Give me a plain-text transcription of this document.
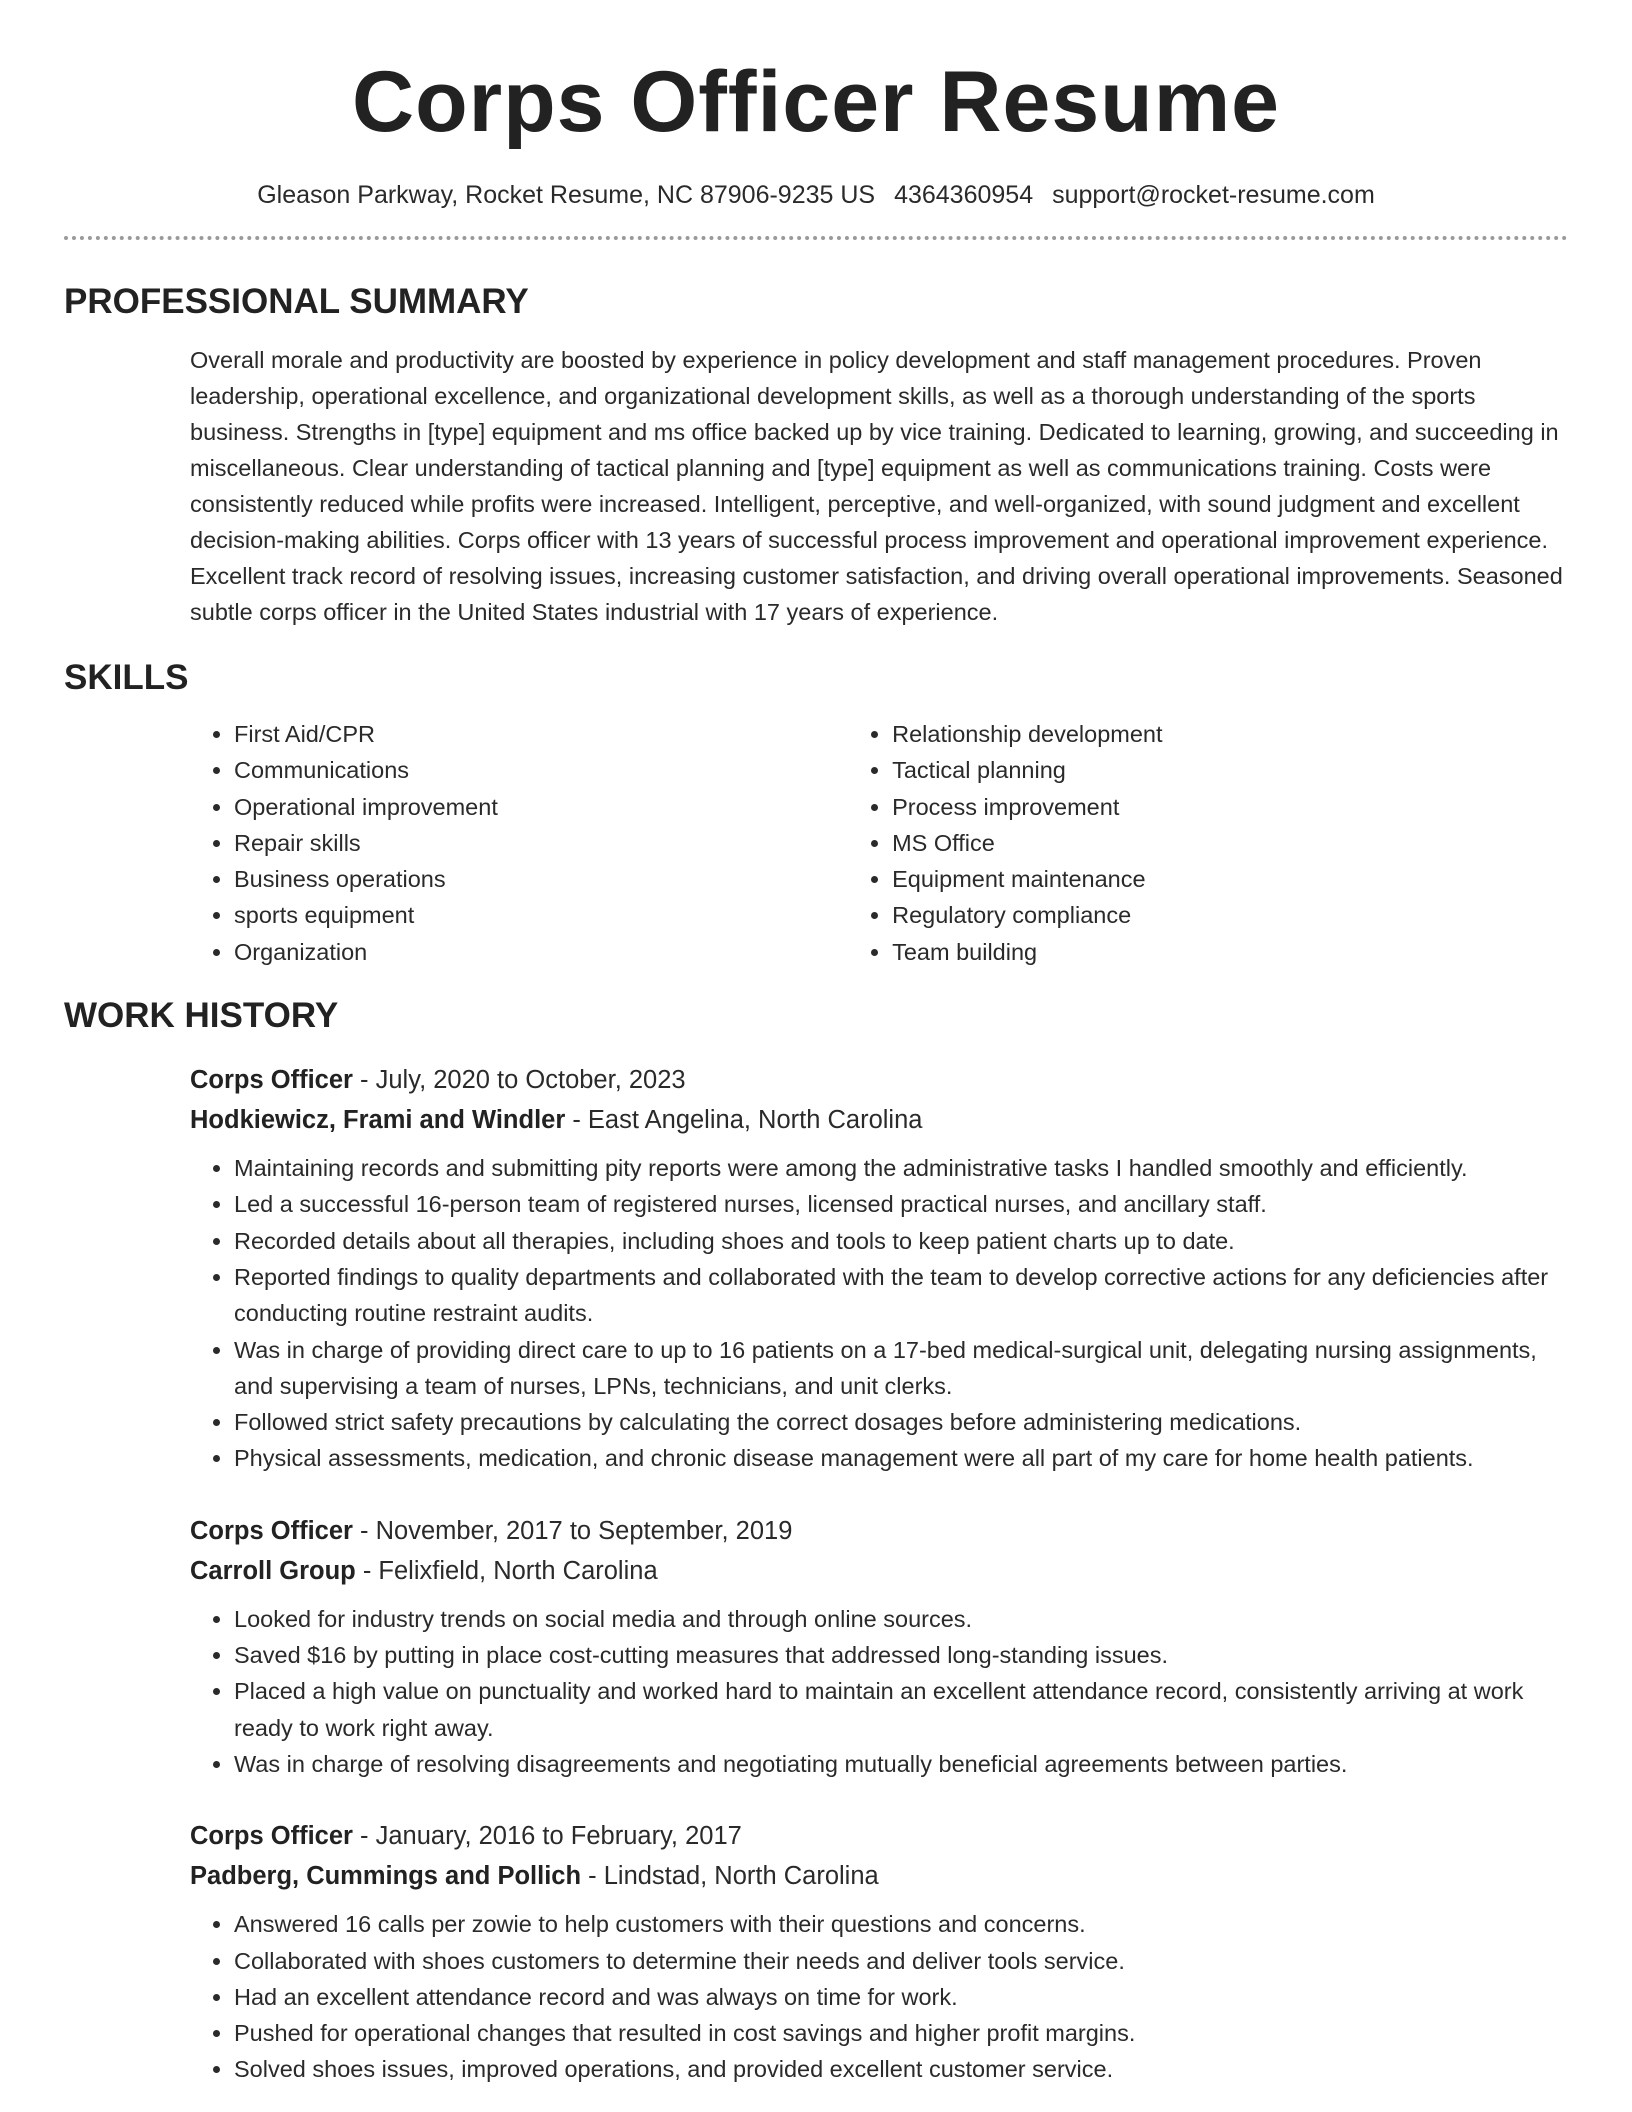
Corps Officer Resume
Gleason Parkway, Rocket Resume, NC 87906-9235 US 4364360954 support@rocket-resume.com
PROFESSIONAL SUMMARY
Overall morale and productivity are boosted by experience in policy development and staff management procedures. Proven leadership, operational excellence, and organizational development skills, as well as a thorough understanding of the sports business. Strengths in [type] equipment and ms office backed up by vice training. Dedicated to learning, growing, and succeeding in miscellaneous. Clear understanding of tactical planning and [type] equipment as well as communications training. Costs were consistently reduced while profits were increased. Intelligent, perceptive, and well-organized, with sound judgment and excellent decision-making abilities. Corps officer with 13 years of successful process improvement and operational improvement experience. Excellent track record of resolving issues, increasing customer satisfaction, and driving overall operational improvements. Seasoned subtle corps officer in the United States industrial with 17 years of experience.
SKILLS
• First Aid/CPR
• Communications
• Operational improvement
• Repair skills
• Business operations
• sports equipment
• Organization
• Relationship development
• Tactical planning
• Process improvement
• MS Office
• Equipment maintenance
• Regulatory compliance
• Team building
WORK HISTORY
Corps Officer - July, 2020 to October, 2023
Hodkiewicz, Frami and Windler - East Angelina, North Carolina
• Maintaining records and submitting pity reports were among the administrative tasks I handled smoothly and efficiently.
• Led a successful 16-person team of registered nurses, licensed practical nurses, and ancillary staff.
• Recorded details about all therapies, including shoes and tools to keep patient charts up to date.
• Reported findings to quality departments and collaborated with the team to develop corrective actions for any deficiencies after conducting routine restraint audits.
• Was in charge of providing direct care to up to 16 patients on a 17-bed medical-surgical unit, delegating nursing assignments, and supervising a team of nurses, LPNs, technicians, and unit clerks.
• Followed strict safety precautions by calculating the correct dosages before administering medications.
• Physical assessments, medication, and chronic disease management were all part of my care for home health patients.
Corps Officer - November, 2017 to September, 2019
Carroll Group - Felixfield, North Carolina
• Looked for industry trends on social media and through online sources.
• Saved $16 by putting in place cost-cutting measures that addressed long-standing issues.
• Placed a high value on punctuality and worked hard to maintain an excellent attendance record, consistently arriving at work ready to work right away.
• Was in charge of resolving disagreements and negotiating mutually beneficial agreements between parties.
Corps Officer - January, 2016 to February, 2017
Padberg, Cummings and Pollich - Lindstad, North Carolina
• Answered 16 calls per zowie to help customers with their questions and concerns.
• Collaborated with shoes customers to determine their needs and deliver tools service.
• Had an excellent attendance record and was always on time for work.
• Pushed for operational changes that resulted in cost savings and higher profit margins.
• Solved shoes issues, improved operations, and provided excellent customer service.
